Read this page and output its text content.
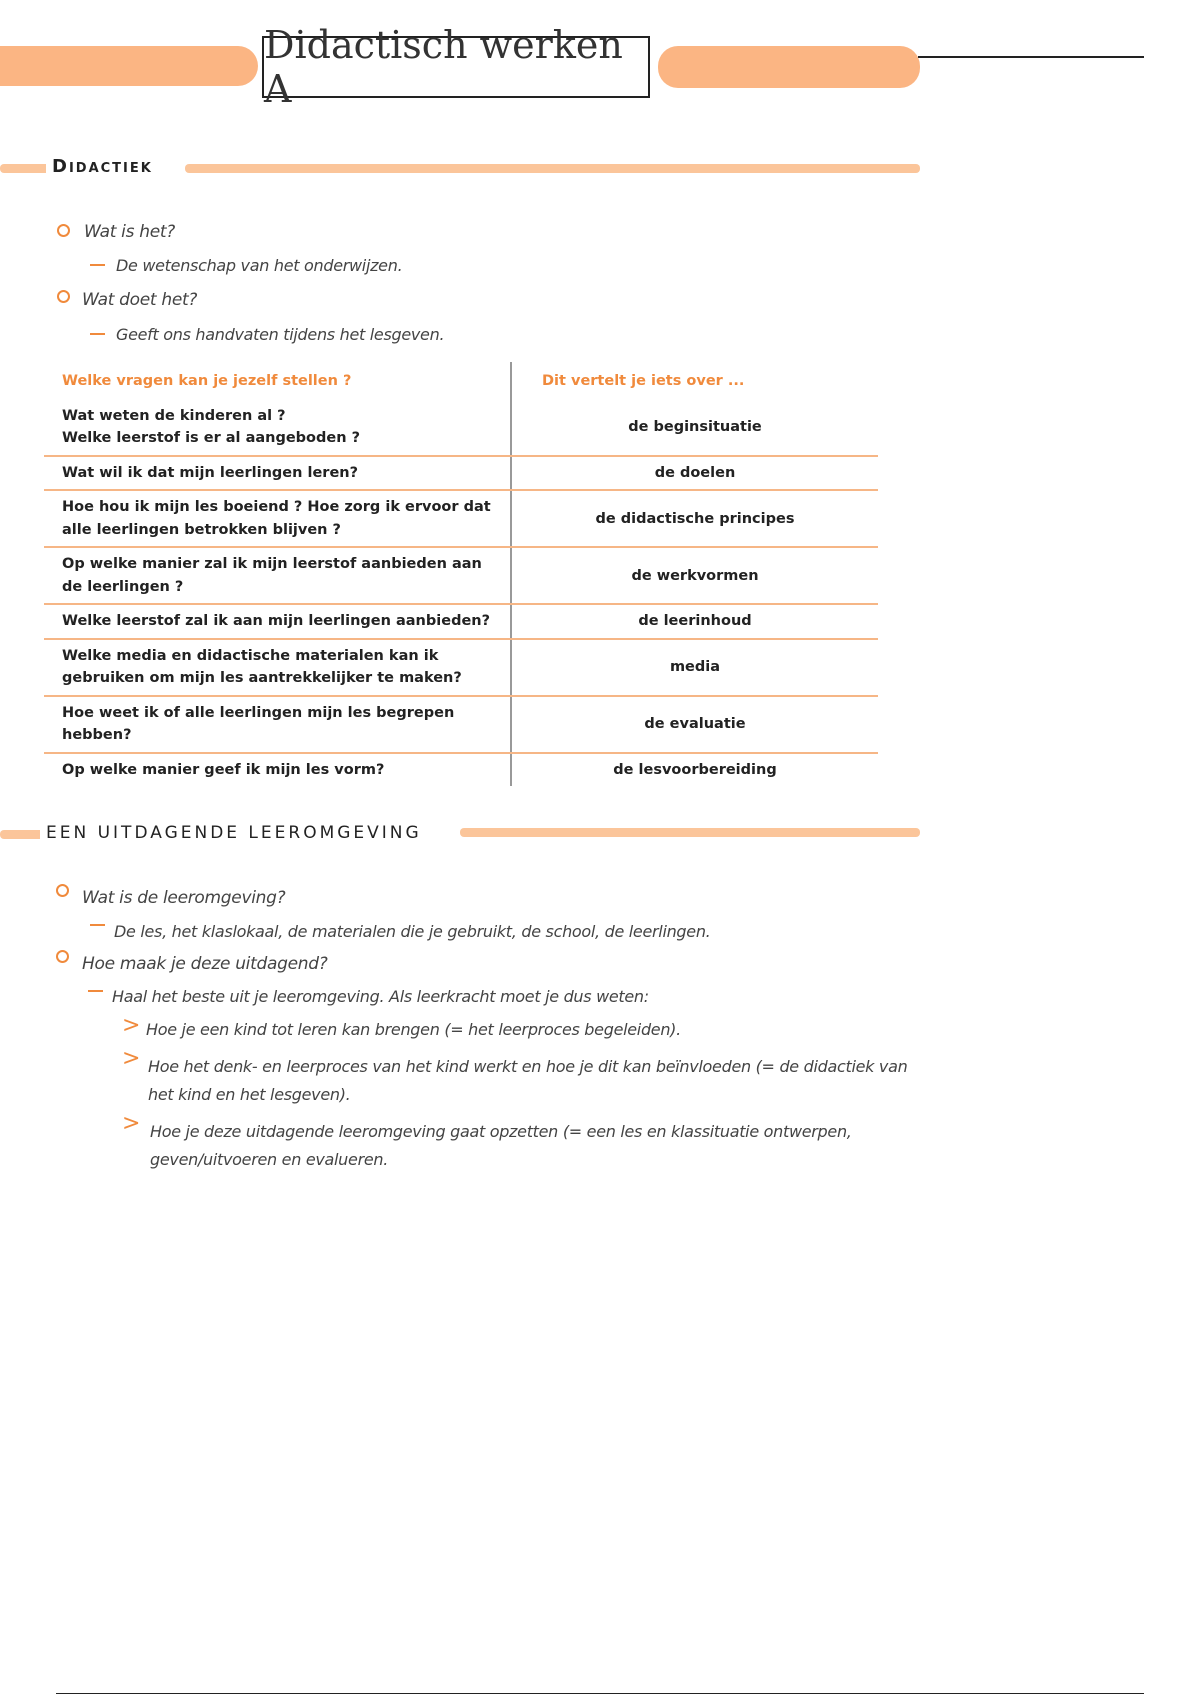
Didactisch werken A
Didactiek
Wat is het?
De wetenschap van het onderwijzen.
Wat doet het?
Geeft ons handvaten tijdens het lesgeven.
Welke vragen kan je jezelf stellen ?	Dit vertelt je iets over ...
Wat weten de kinderen al ?
Welke leerstof is er al aangeboden ?	de beginsituatie
Wat wil ik dat mijn leerlingen leren?	de doelen
Hoe hou ik mijn les boeiend ? Hoe zorg ik ervoor dat alle leerlingen betrokken blijven ?	de didactische principes
Op welke manier zal ik mijn leerstof aanbieden aan de leerlingen ?	de werkvormen
Welke leerstof zal ik aan mijn leerlingen aanbieden?	de leerinhoud
Welke media en didactische materialen kan ik gebruiken om mijn les aantrekkelijker te maken?	media
Hoe weet ik of alle leerlingen mijn les begrepen hebben?	de evaluatie
Op welke manier geef ik mijn les vorm?	de lesvoorbereiding
EEN UITDAGENDE LEEROMGEVING
Wat is de leeromgeving?
De les, het klaslokaal, de materialen die je gebruikt, de school, de leerlingen.
Hoe maak je deze uitdagend?
Haal het beste uit je leeromgeving. Als leerkracht moet je dus weten:
> Hoe je een kind tot leren kan brengen (= het leerproces begeleiden).
> Hoe het denk- en leerproces van het kind werkt en hoe je dit kan beïnvloeden (= de didactiek van het kind en het lesgeven).
> Hoe je deze uitdagende leeromgeving gaat opzetten (= een les en klassituatie ontwerpen, geven/uitvoeren en evalueren.
